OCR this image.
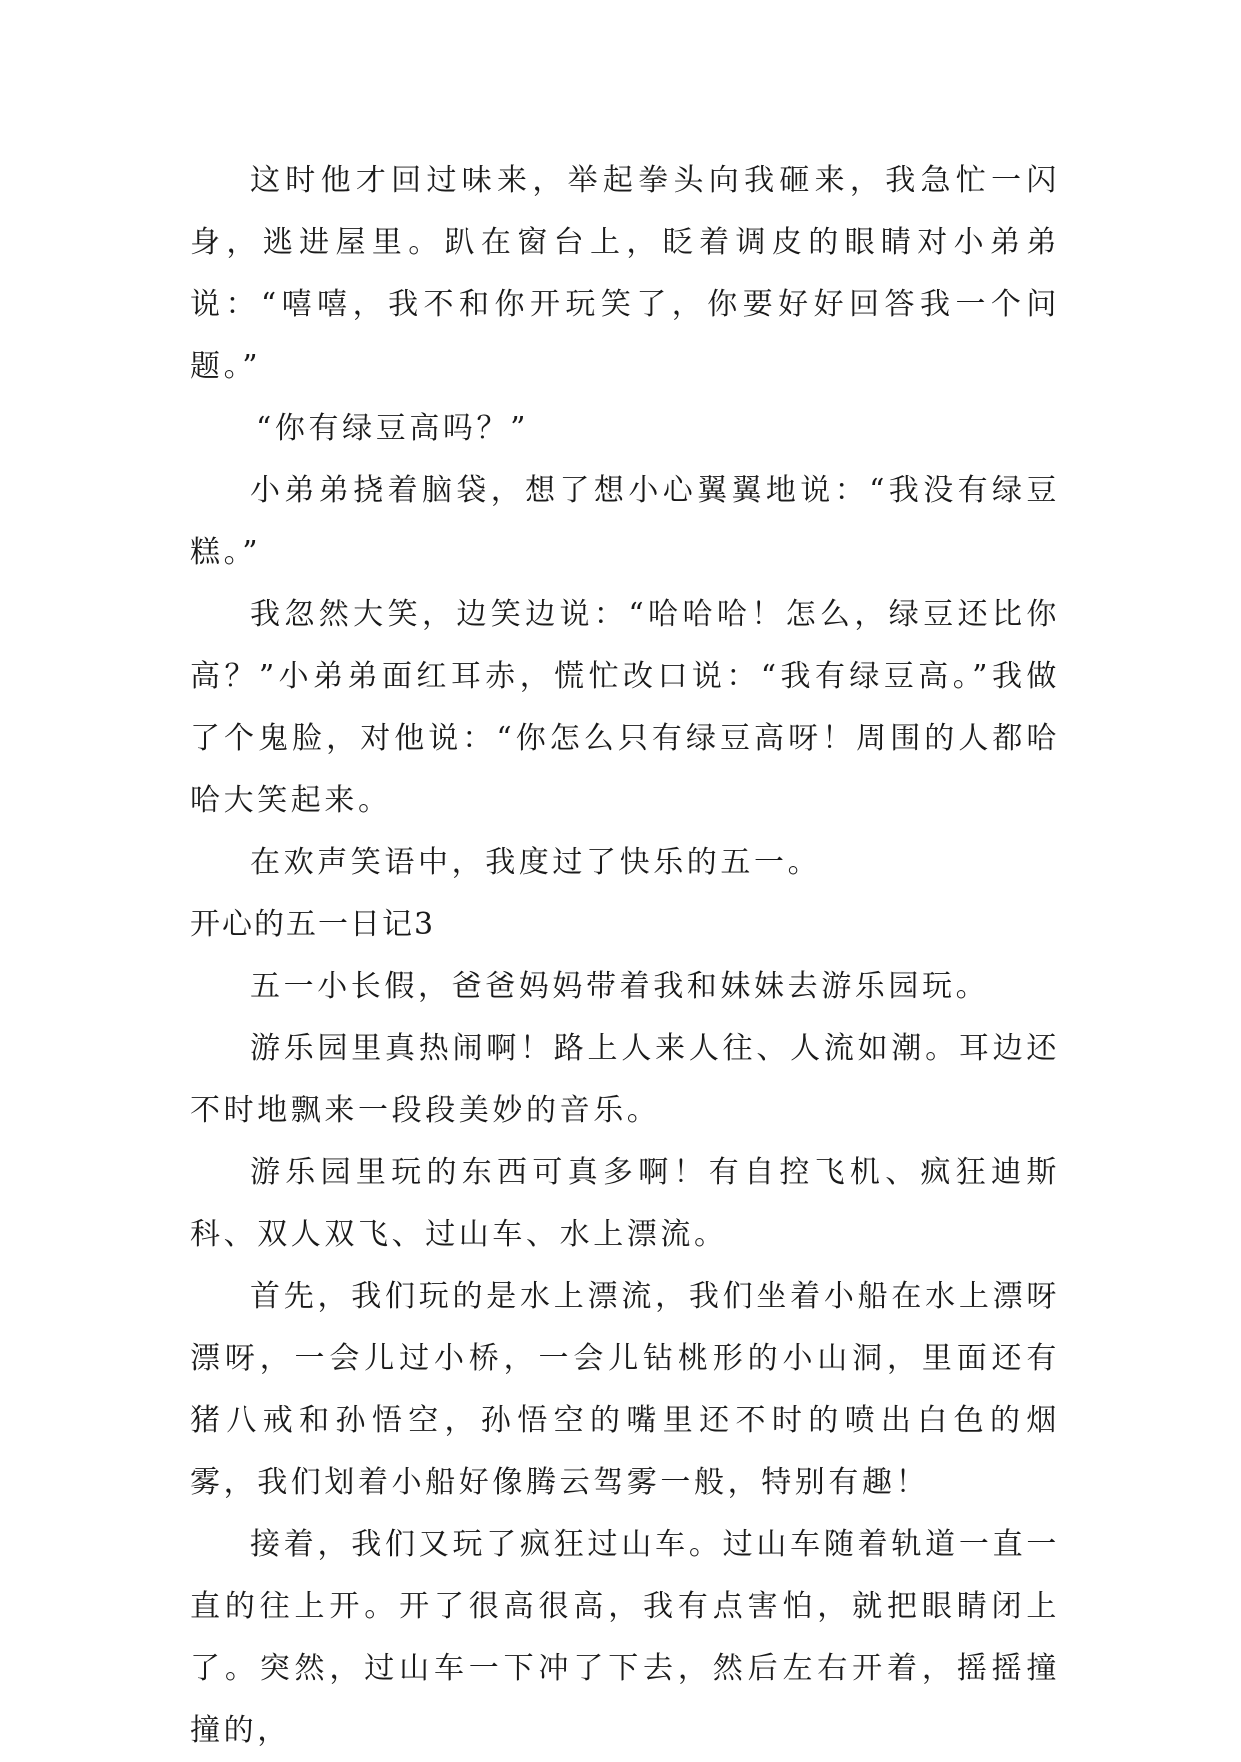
这时他才回过味来，举起拳头向我砸来，我急忙一闪身，逃进屋里。趴在窗台上，眨着调皮的眼睛对小弟弟说：“嘻嘻，我不和你开玩笑了，你要好好回答我一个问题。”

“你有绿豆高吗？”

小弟弟挠着脑袋，想了想小心翼翼地说：“我没有绿豆糕。”

我忽然大笑，边笑边说：“哈哈哈！怎么，绿豆还比你高？”小弟弟面红耳赤，慌忙改口说：“我有绿豆高。”我做了个鬼脸，对他说：“你怎么只有绿豆高呀！周围的人都哈哈大笑起来。

在欢声笑语中，我度过了快乐的五一。

开心的五一日记3

五一小长假，爸爸妈妈带着我和妹妹去游乐园玩。

游乐园里真热闹啊！路上人来人往、人流如潮。耳边还不时地飘来一段段美妙的音乐。

游乐园里玩的东西可真多啊！有自控飞机、疯狂迪斯科、双人双飞、过山车、水上漂流。

首先，我们玩的是水上漂流，我们坐着小船在水上漂呀漂呀，一会儿过小桥，一会儿钻桃形的小山洞，里面还有猪八戒和孙悟空，孙悟空的嘴里还不时的喷出白色的烟雾，我们划着小船好像腾云驾雾一般，特别有趣！

接着，我们又玩了疯狂过山车。过山车随着轨道一直一直的往上开。开了很高很高，我有点害怕，就把眼睛闭上了。突然，过山车一下冲了下去，然后左右开着，摇摇撞撞的，
